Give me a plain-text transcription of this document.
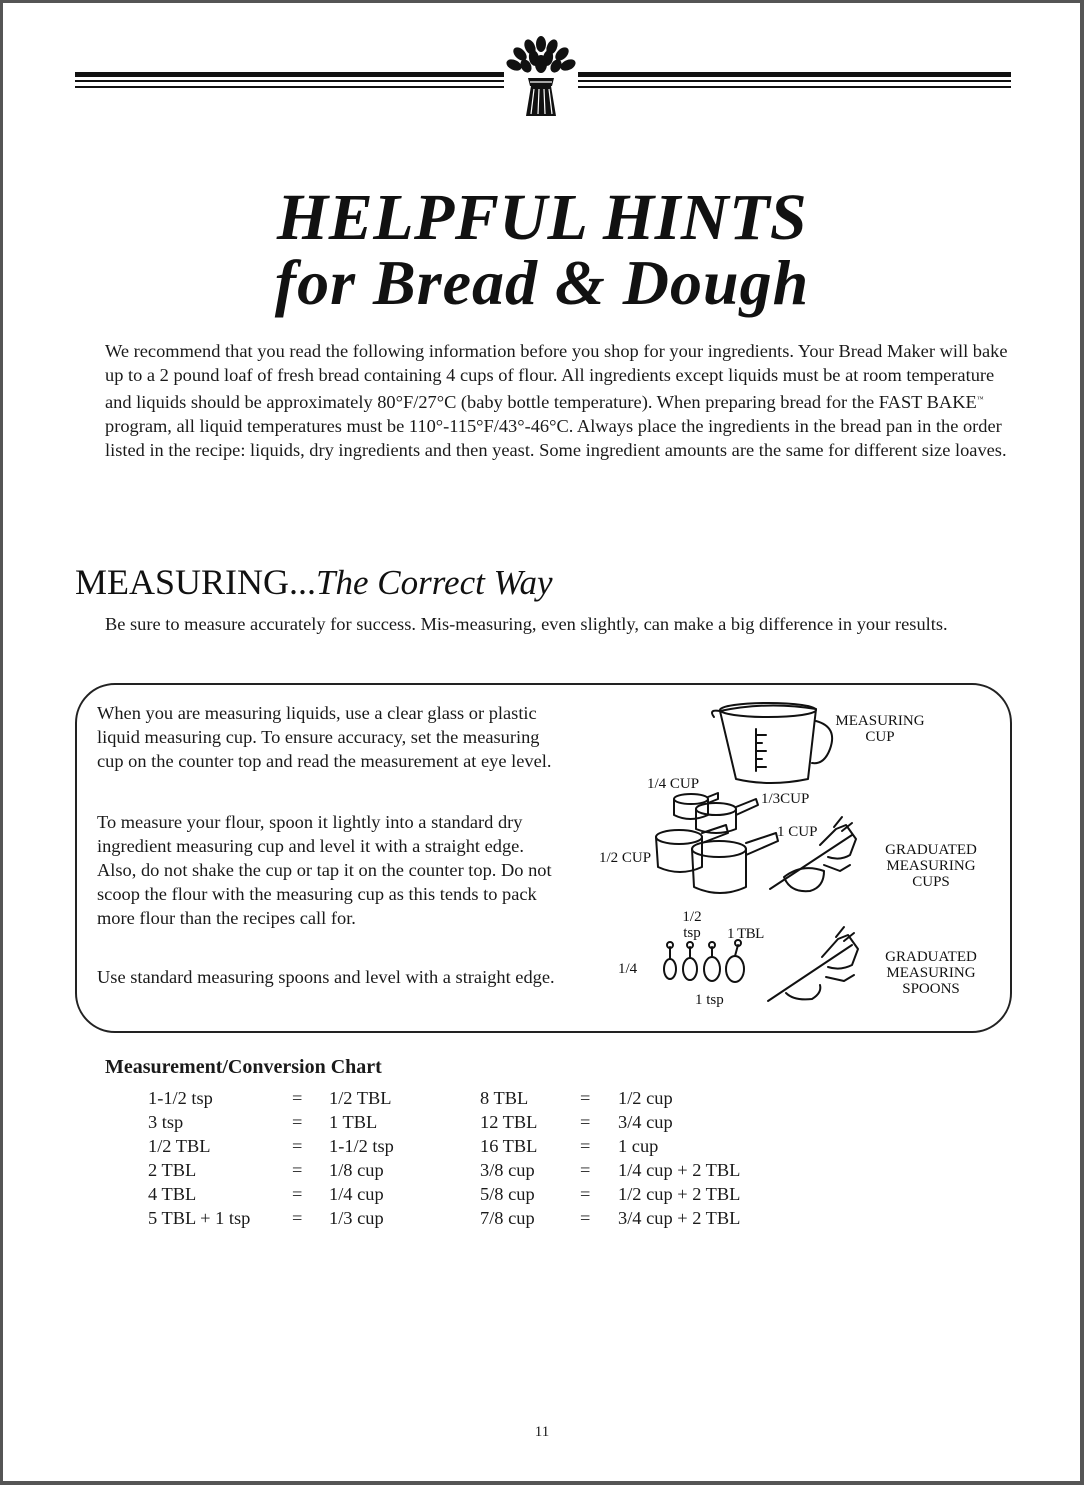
HELPFUL HINTS
for Bread & Dough

We recommend that you read the following information before you shop for your ingredients. Your Bread Maker will bake up to a 2 pound loaf of fresh bread containing 4 cups of flour. All ingredients except liquids must be at room temperature and liquids should be approximately 80°F/27°C (baby bottle temperature). When preparing bread for the FAST BAKE™ program, all liquid temperatures must be 110°-115°F/43°-46°C. Always place the ingredients in the bread pan in the order listed in the recipe: liquids, dry ingredients and then yeast. Some ingredient amounts are the same for different size loaves.

MEASURING...The Correct Way

Be sure to measure accurately for success. Mis-measuring, even slightly, can make a big difference in your results.

When you are measuring liquids, use a clear glass or plastic liquid measuring cup. To ensure accuracy, set the measuring cup on the counter top and read the measurement at eye level.

To measure your flour, spoon it lightly into a standard dry ingredient measuring cup and level it with a straight edge. Also, do not shake the cup or tap it on the counter top. Do not scoop the flour with the measuring cup as this tends to pack more flour than the recipes call for.

Use standard measuring spoons and level with a straight edge.

MEASURING
CUP
1/4 CUP
1/3CUP
1 CUP
1/2 CUP	GRADUATED
MEASURING
CUPS
1/2
tsp	1 TBL
1/4
1 tsp
GRADUATED
MEASURING
SPOONS
Measurement/Conversion Chart
1-1/2 tsp	= 1/2 TBL	8 TBL	= 1/2 cup
3 tsp	= 1 TBL	12 TBL = 3/4 cup
1/2 TBL	= 1-1/2 tsp	16 TBL = 1 cup
2 TBL	= 1/8 cup	3/8 cup = 1/4 cup + 2 TBL
4 TBL	= 1/4 cup	5/8 cup = 1/2 cup + 2 TBL
5 TBL + 1 tsp = 1/3 cup	7/8 cup = 3/4 cup + 2 TBL
11
